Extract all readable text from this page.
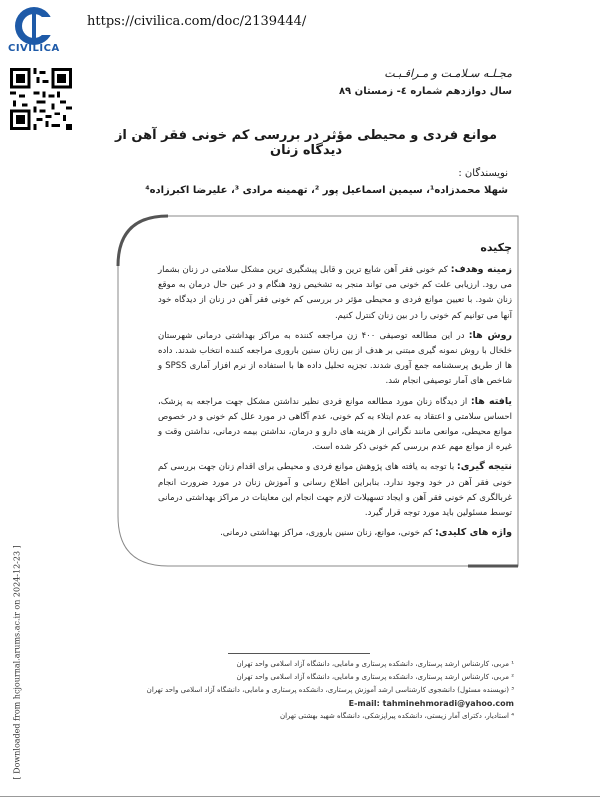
CIVILICA
https://civilica.com/doc/2139444/
[ Downloaded from hcjournal.arums.ac.ir on 2024-12-23 ]
مجـلـه سـلامـت و مـراقـبـت
سال دوازدهم شماره ٤- زمستان ٨٩
موانع فردی و محیطی مؤثر در بررسی کم خونی فقر آهن از دیدگاه زنان
نویسندگان :
شهلا محمدزاده¹، سیمین اسماعیل پور ²، تهمینه مرادی ³، علیرضا اکبرزاده⁴
چکیده

زمینه وهدف: کم خونی فقر آهن شایع ترین و قابل پیشگیری ترین مشکل سلامتی در زنان بشمار می رود. ارزیابی علت کم خونی می تواند منجر به تشخیص زود هنگام و در عین حال درمان به موقع زنان شود. با تعیین موانع فردی و محیطی مؤثر در بررسی کم خونی فقر آهن در زنان از دیدگاه خود آنها می توانیم کم خونی را در بین زنان کنترل کنیم.

روش ها: در این مطالعه توصیفی ۴۰۰ زن مراجعه کننده به مراکز بهداشتی درمانی شهرستان خلخال با روش نمونه گیری مبتنی بر هدف از بین زنان سنین باروری مراجعه کننده انتخاب شدند. داده ها از طریق پرسشنامه جمع آوری شدند. تجزیه تحلیل داده ها با استفاده از نرم افزار آماری SPSS و شاخص های آمار توصیفی انجام شد.

یافته ها: از دیدگاه زنان مورد مطالعه موانع فردی نظیر نداشتن مشکل جهت مراجعه به پزشک، احساس سلامتی و اعتقاد به عدم ابتلاء به کم خونی، عدم آگاهی در مورد علل کم خونی و در خصوص موانع محیطی، موانعی مانند نگرانی از هزینه های دارو و درمان، نداشتن بیمه درمانی، نداشتن وقت و غیره از موانع مهم عدم بررسی کم خونی ذکر شده است.

نتیجه گیری: با توجه به یافته های پژوهش موانع فردی و محیطی برای اقدام زنان جهت بررسی کم خونی فقر آهن در خود وجود ندارد. بنابراین اطلاع رسانی و آموزش زنان در مورد ضرورت انجام غربالگری کم خونی فقر آهن و ایجاد تسهیلات لازم جهت انجام این معاینات در مراکز بهداشتی درمانی توسط مسئولین باید مورد توجه قرار گیرد.

واژه های کلیدی: کم خونی، موانع، زنان سنین باروری، مراکز بهداشتی درمانی.

¹ مربی، کارشناس ارشد پرستاری، دانشکده پرستاری و مامایی، دانشگاه آزاد اسلامی واحد تهران
² مربی، کارشناس ارشد پرستاری، دانشکده پرستاری و مامایی، دانشگاه آزاد اسلامی واحد تهران
³ (نویسنده مسئول) دانشجوی کارشناسی ارشد آموزش پرستاری، دانشکده پرستاری و مامایی، دانشگاه آزاد اسلامی واحد تهران
E-mail: tahminehmoradi@yahoo.com
⁴ استادیار، دکترای آمار زیستی، دانشکده پیراپزشکی، دانشگاه شهید بهشتی تهران
